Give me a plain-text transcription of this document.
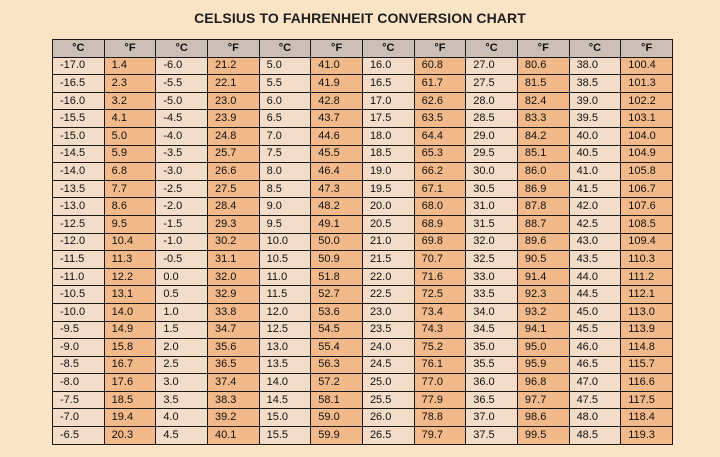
CELSIUS TO FAHRENHEIT CONVERSION CHART
°C	°F	°C	°F	°C	°F	°C	°F	°C	°F	°C	°F
-17.0	1.4	-6.0	21.2	5.0	41.0	16.0	60.8	27.0	80.6	38.0	100.4
-16.5	2.3	-5.5	22.1	5.5	41.9	16.5	61.7	27.5	81.5	38.5	101.3
-16.0	3.2	-5.0	23.0	6.0	42.8	17.0	62.6	28.0	82.4	39.0	102.2
-15.5	4.1	-4.5	23.9	6.5	43.7	17.5	63.5	28.5	83.3	39.5	103.1
-15.0	5.0	-4.0	24.8	7.0	44.6	18.0	64.4	29.0	84.2	40.0	104.0
-14.5	5.9	-3.5	25.7	7.5	45.5	18.5	65.3	29.5	85.1	40.5	104.9
-14.0	6.8	-3.0	26.6	8.0	46.4	19.0	66.2	30.0	86.0	41.0	105.8
-13.5	7.7	-2.5	27.5	8.5	47.3	19.5	67.1	30.5	86.9	41.5	106.7
-13.0	8.6	-2.0	28.4	9.0	48.2	20.0	68.0	31.0	87.8	42.0	107.6
-12.5	9.5	-1.5	29.3	9.5	49.1	20.5	68.9	31.5	88.7	42.5	108.5
-12.0	10.4	-1.0	30.2	10.0	50.0	21.0	69.8	32.0	89.6	43.0	109.4
-11.5	11.3	-0.5	31.1	10.5	50.9	21.5	70.7	32.5	90.5	43.5	110.3
-11.0	12.2	0.0	32.0	11.0	51.8	22.0	71.6	33.0	91.4	44.0	111.2
-10.5	13.1	0.5	32.9	11.5	52.7	22.5	72.5	33.5	92.3	44.5	112.1
-10.0	14.0	1.0	33.8	12.0	53.6	23.0	73.4	34.0	93.2	45.0	113.0
-9.5	14.9	1.5	34.7	12.5	54.5	23.5	74.3	34.5	94.1	45.5	113.9
-9.0	15.8	2.0	35.6	13.0	55.4	24.0	75.2	35.0	95.0	46.0	114.8
-8.5	16.7	2.5	36.5	13.5	56.3	24.5	76.1	35.5	95.9	46.5	115.7
-8.0	17.6	3.0	37.4	14.0	57.2	25.0	77.0	36.0	96.8	47.0	116.6
-7.5	18.5	3.5	38.3	14.5	58.1	25.5	77.9	36.5	97.7	47.5	117.5
-7.0	19.4	4.0	39.2	15.0	59.0	26.0	78.8	37.0	98.6	48.0	118.4
-6.5	20.3	4.5	40.1	15.5	59.9	26.5	79.7	37.5	99.5	48.5	119.3
